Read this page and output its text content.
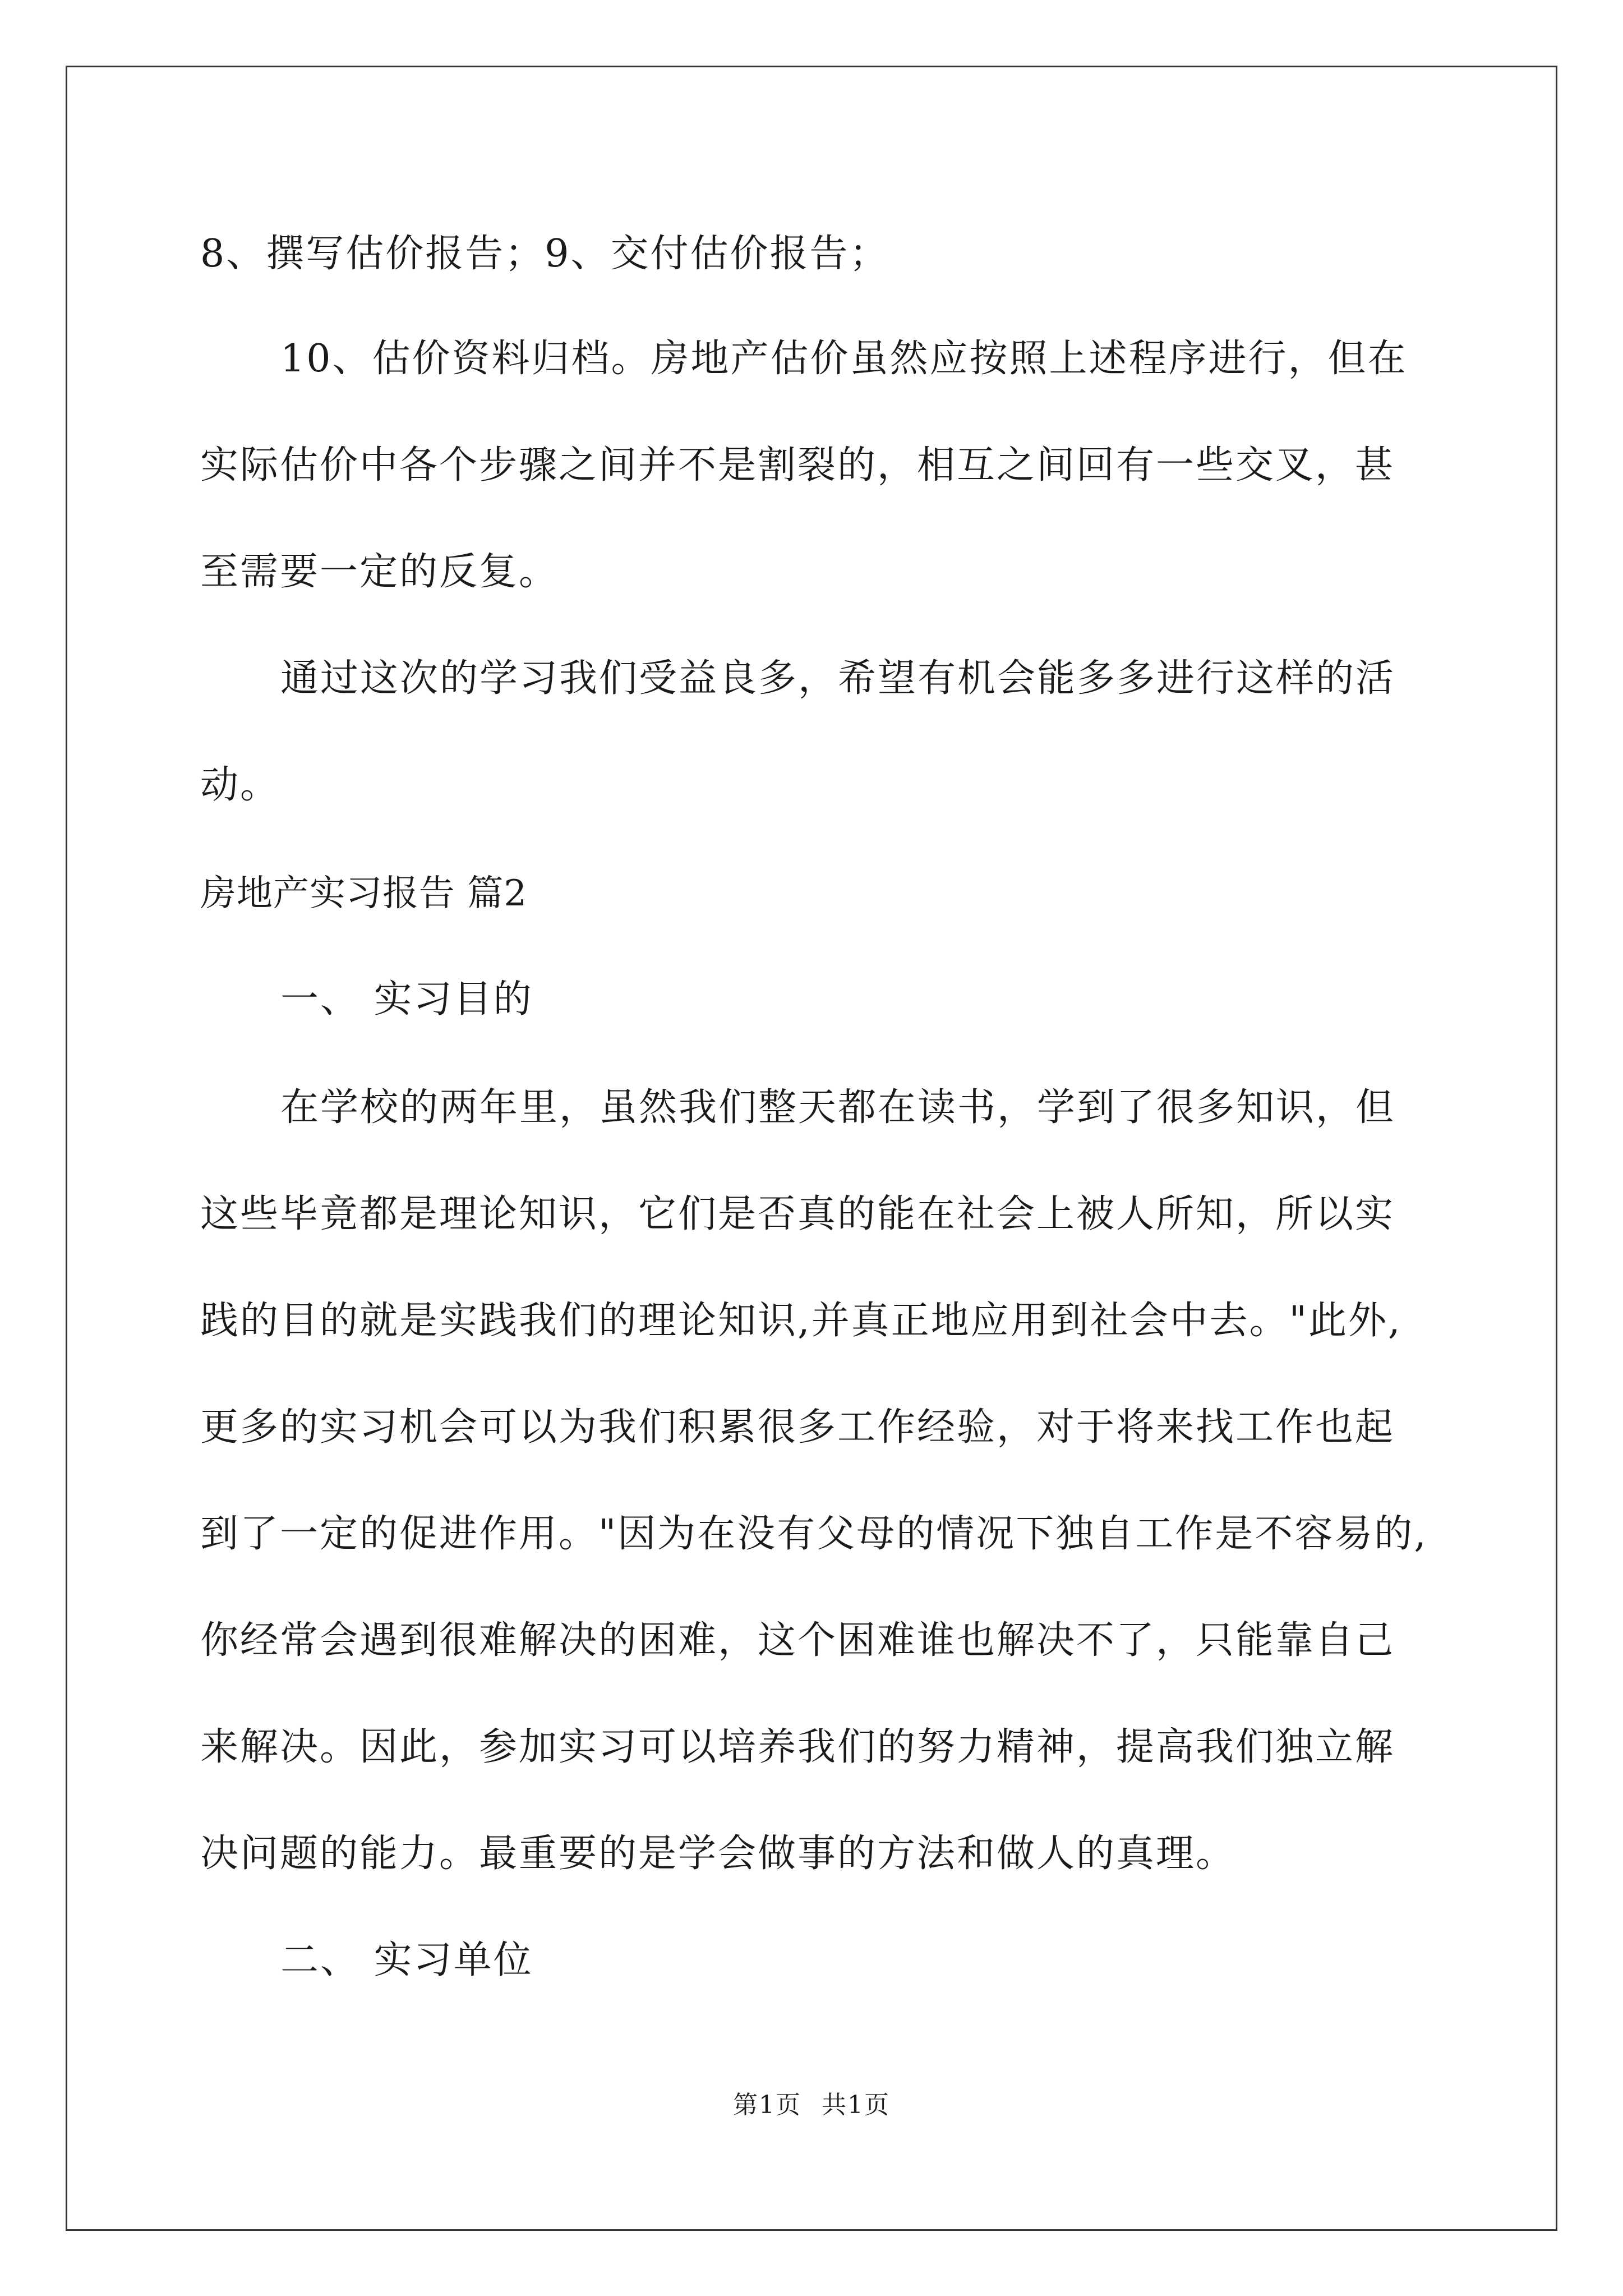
8、撰写估价报告；9、交付估价报告；
10、估价资料归档。房地产估价虽然应按照上述程序进行，但在
实际估价中各个步骤之间并不是割裂的，相互之间回有一些交叉，甚
至需要一定的反复。
通过这次的学习我们受益良多，希望有机会能多多进行这样的活
动。
房地产实习报告 篇2
一、 实习目的
在学校的两年里，虽然我们整天都在读书，学到了很多知识，但
这些毕竟都是理论知识，它们是否真的能在社会上被人所知，所以实
践的目的就是实践我们的理论知识,并真正地应用到社会中去。"此外,
更多的实习机会可以为我们积累很多工作经验，对于将来找工作也起
到了一定的促进作用。"因为在没有父母的情况下独自工作是不容易的,
你经常会遇到很难解决的困难，这个困难谁也解决不了，只能靠自己
来解决。因此，参加实习可以培养我们的努力精神，提高我们独立解
决问题的能力。最重要的是学会做事的方法和做人的真理。
二、 实习单位
第1页 共1页
